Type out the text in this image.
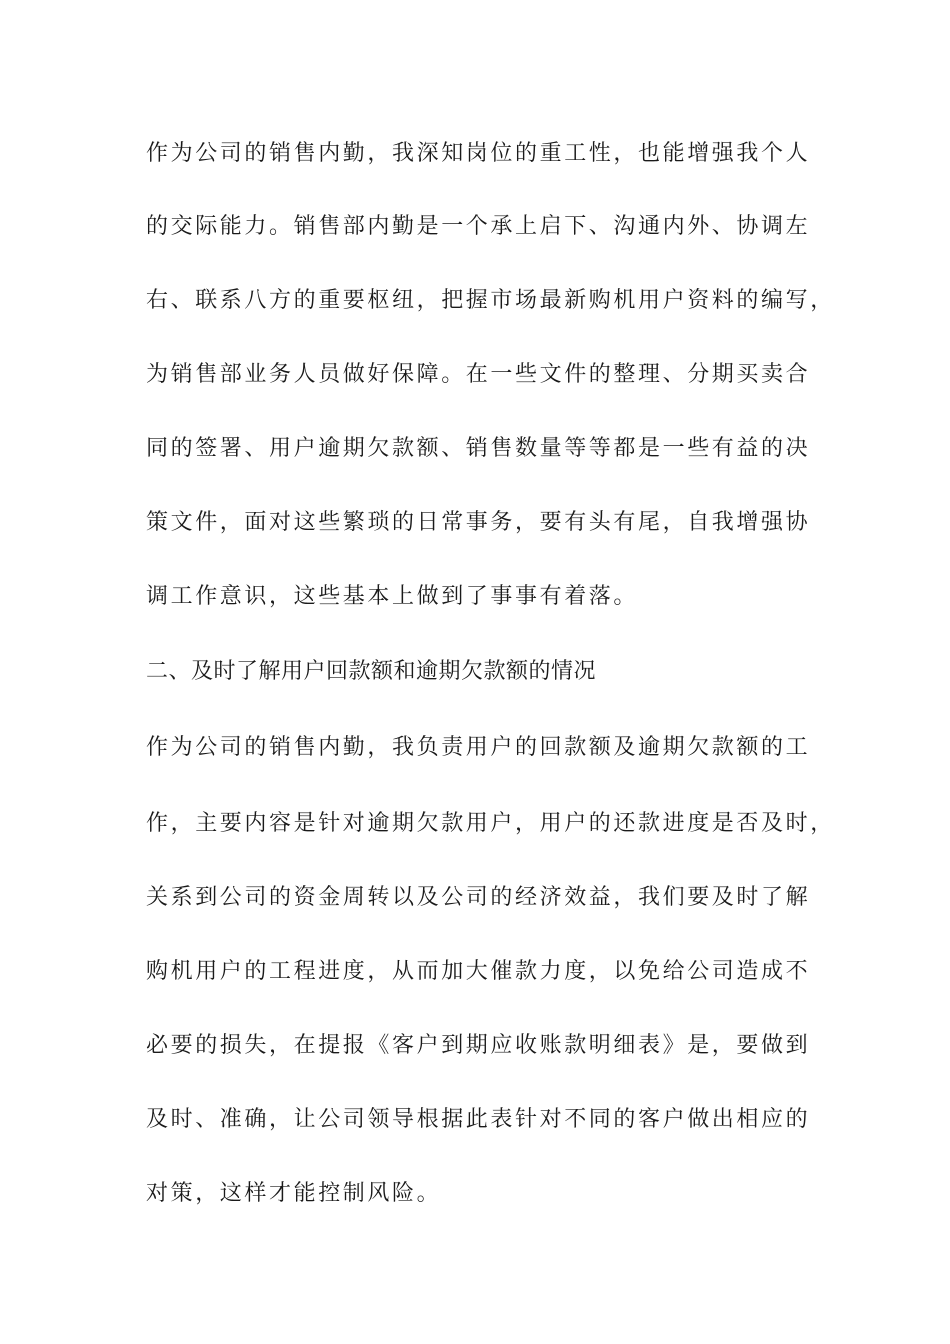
作为公司的销售内勤，我深知岗位的重工性，也能增强我个人
的交际能力。销售部内勤是一个承上启下、沟通内外、协调左
右、联系八方的重要枢纽，把握市场最新购机用户资料的编写，
为销售部业务人员做好保障。在一些文件的整理、分期买卖合
同的签署、用户逾期欠款额、销售数量等等都是一些有益的决
策文件，面对这些繁琐的日常事务，要有头有尾，自我增强协
调工作意识，这些基本上做到了事事有着落。
二、及时了解用户回款额和逾期欠款额的情况
作为公司的销售内勤，我负责用户的回款额及逾期欠款额的工
作，主要内容是针对逾期欠款用户，用户的还款进度是否及时，
关系到公司的资金周转以及公司的经济效益，我们要及时了解
购机用户的工程进度，从而加大催款力度，以免给公司造成不
必要的损失，在提报《客户到期应收账款明细表》是，要做到
及时、准确，让公司领导根据此表针对不同的客户做出相应的
对策，这样才能控制风险。
